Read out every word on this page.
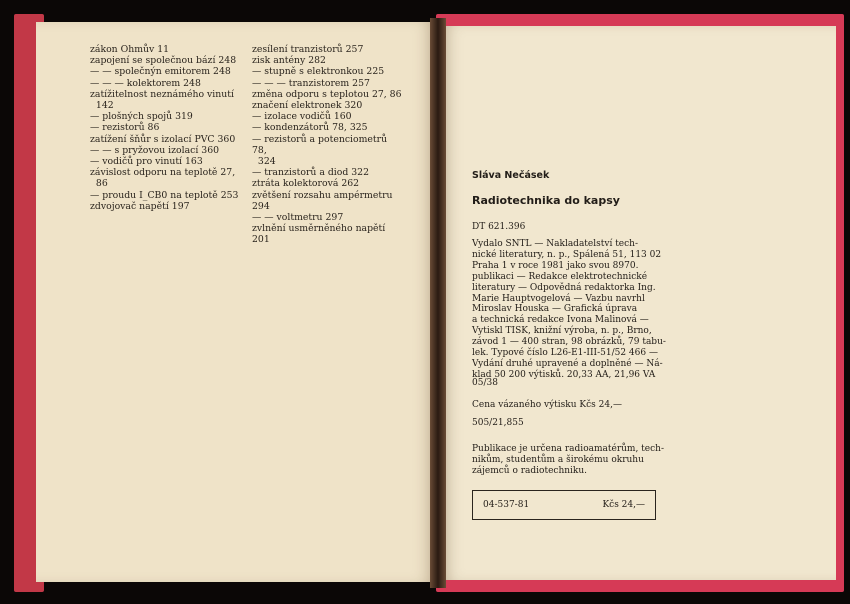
zákon Ohmův 11
zapojení se společnou bází 248
— — společnýn emitorem 248
— — — kolektorem 248
zatížitelnost neznámého vinutí
142
— plošných spojů 319
— rezistorů 86
zatížení šňůr s izolací PVC 360
— — s pryžovou izolací 360
— vodičů pro vinutí 163
závislost odporu na teplotě 27,
86
— proudu I_CB0 na teplotě 253
zdvojovač napětí 197
zesílení tranzistorů 257
zisk antény 282
— stupně s elektronkou 225
— — — tranzistorem 257
změna odporu s teplotou 27, 86
značení elektronek 320
— izolace vodičů 160
— kondenzátorů 78, 325
— rezistorů a potenciometrů 78,
324
— tranzistorů a diod 322
ztráta kolektorová 262
zvětšení rozsahu ampérmetru 294
— — voltmetru 297
zvlnění usměrněného napětí 201
Sláva Nečásek
Radiotechnika do kapsy
DT 621.396
Vydalo SNTL — Nakladatelství tech-
nické literatury, n. p., Spálená 51, 113 02
Praha 1 v roce 1981 jako svou 8970.
publikaci — Redakce elektrotechnické
literatury — Odpovědná redaktorka Ing.
Marie Hauptvogelová — Vazbu navrhl
Miroslav Houska — Grafická úprava
a technická redakce Ivona Malinová —
Vytiskl TISK, knižní výroba, n. p., Brno,
závod 1 — 400 stran, 98 obrázků, 79 tabu-
lek. Typové číslo L26-E1-III-51/52 466 —
Vydání druhé upravené a doplněné — Ná-
klad 50 200 výtisků. 20,33 AA, 21,96 VA
05/38
Cena vázaného výtisku Kčs 24,—
505/21,855
Publikace je určena radioamatérům, tech-
nikům, studentům a širokému okruhu
zájemců o radiotechniku.
04-537-81	Kčs 24,—
